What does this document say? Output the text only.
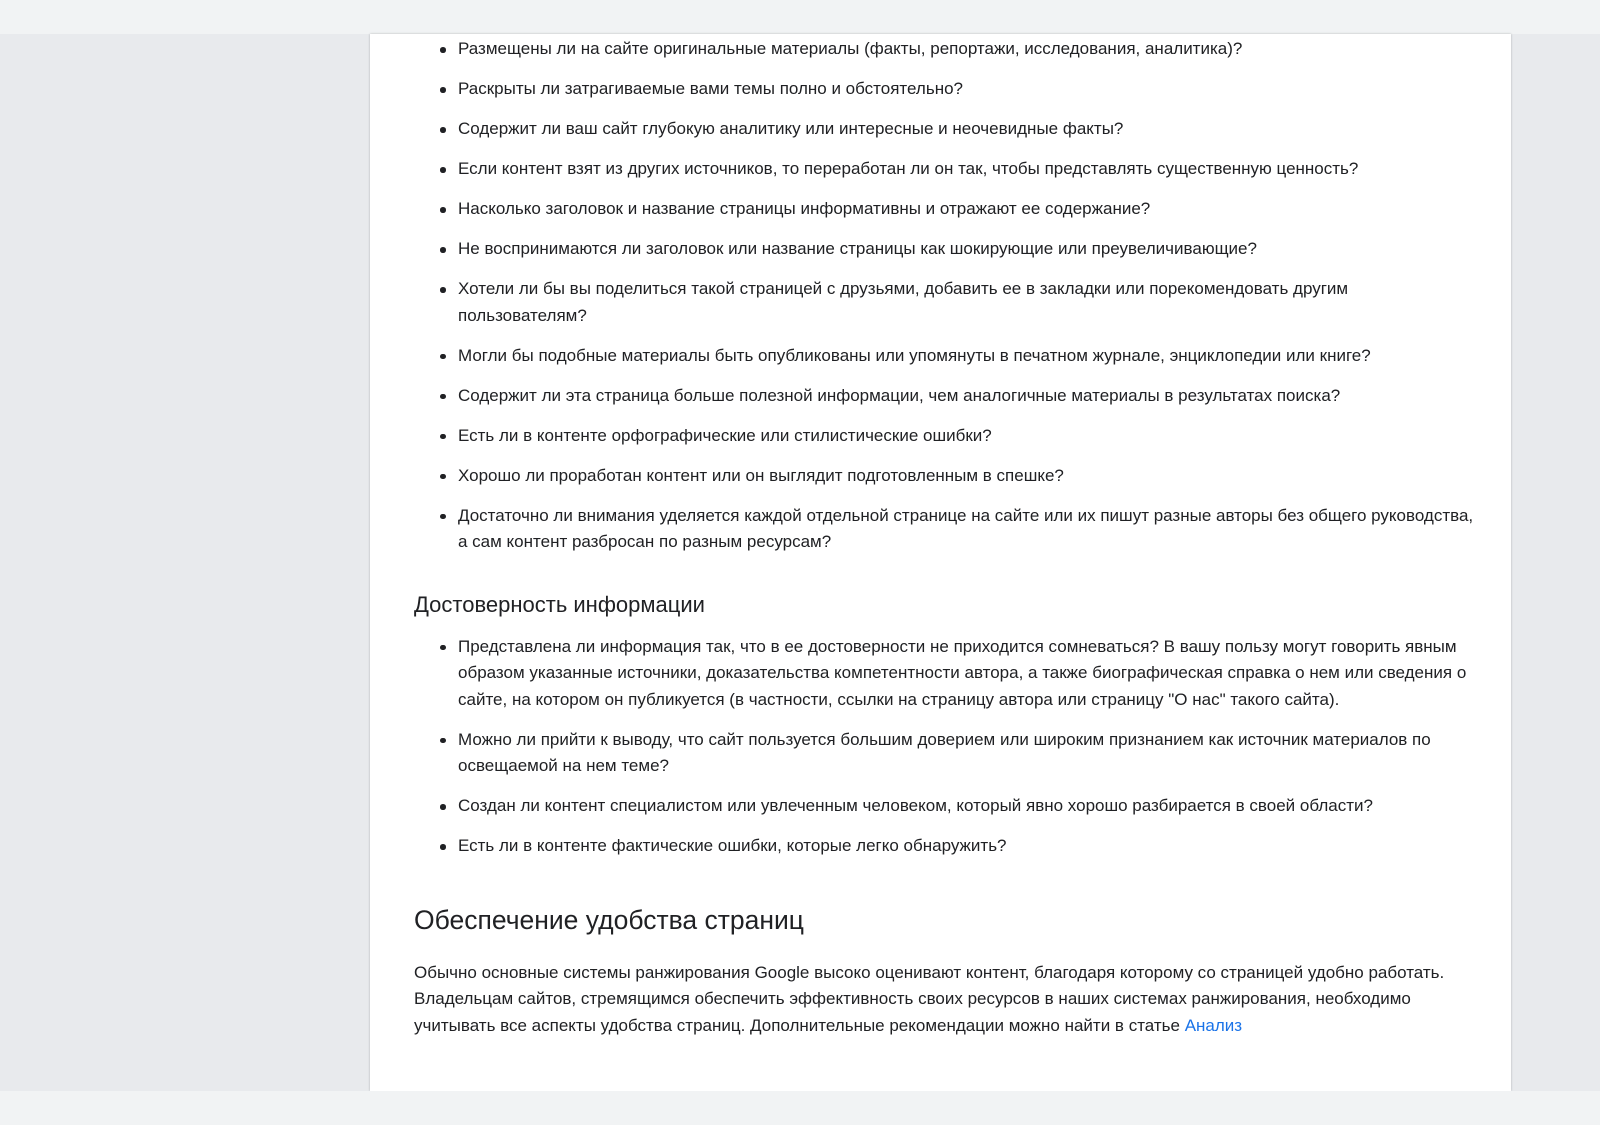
Размещены ли на сайте оригинальные материалы (факты, репортажи, исследования, аналитика)?
Раскрыты ли затрагиваемые вами темы полно и обстоятельно?
Содержит ли ваш сайт глубокую аналитику или интересные и неочевидные факты?
Если контент взят из других источников, то переработан ли он так, чтобы представлять существенную ценность?
Насколько заголовок и название страницы информативны и отражают ее содержание?
Не воспринимаются ли заголовок или название страницы как шокирующие или преувеличивающие?
Хотели ли бы вы поделиться такой страницей с друзьями, добавить ее в закладки или порекомендовать другим пользователям?
Могли бы подобные материалы быть опубликованы или упомянуты в печатном журнале, энциклопедии или книге?
Содержит ли эта страница больше полезной информации, чем аналогичные материалы в результатах поиска?
Есть ли в контенте орфографические или стилистические ошибки?
Хорошо ли проработан контент или он выглядит подготовленным в спешке?
Достаточно ли внимания уделяется каждой отдельной странице на сайте или их пишут разные авторы без общего руководства, а сам контент разбросан по разным ресурсам?
Достоверность информации
Представлена ли информация так, что в ее достоверности не приходится сомневаться? В вашу пользу могут говорить явным образом указанные источники, доказательства компетентности автора, а также биографическая справка о нем или сведения о сайте, на котором он публикуется (в частности, ссылки на страницу автора или страницу "О нас" такого сайта).
Можно ли прийти к выводу, что сайт пользуется большим доверием или широким признанием как источник материалов по освещаемой на нем теме?
Создан ли контент специалистом или увлеченным человеком, который явно хорошо разбирается в своей области?
Есть ли в контенте фактические ошибки, которые легко обнаружить?
Обеспечение удобства страниц

Обычно основные системы ранжирования Google высоко оценивают контент, благодаря которому со страницей удобно работать. Владельцам сайтов, стремящимся обеспечить эффективность своих ресурсов в наших системах ранжирования, необходимо учитывать все аспекты удобства страниц. Дополнительные рекомендации можно найти в статье Анализ
